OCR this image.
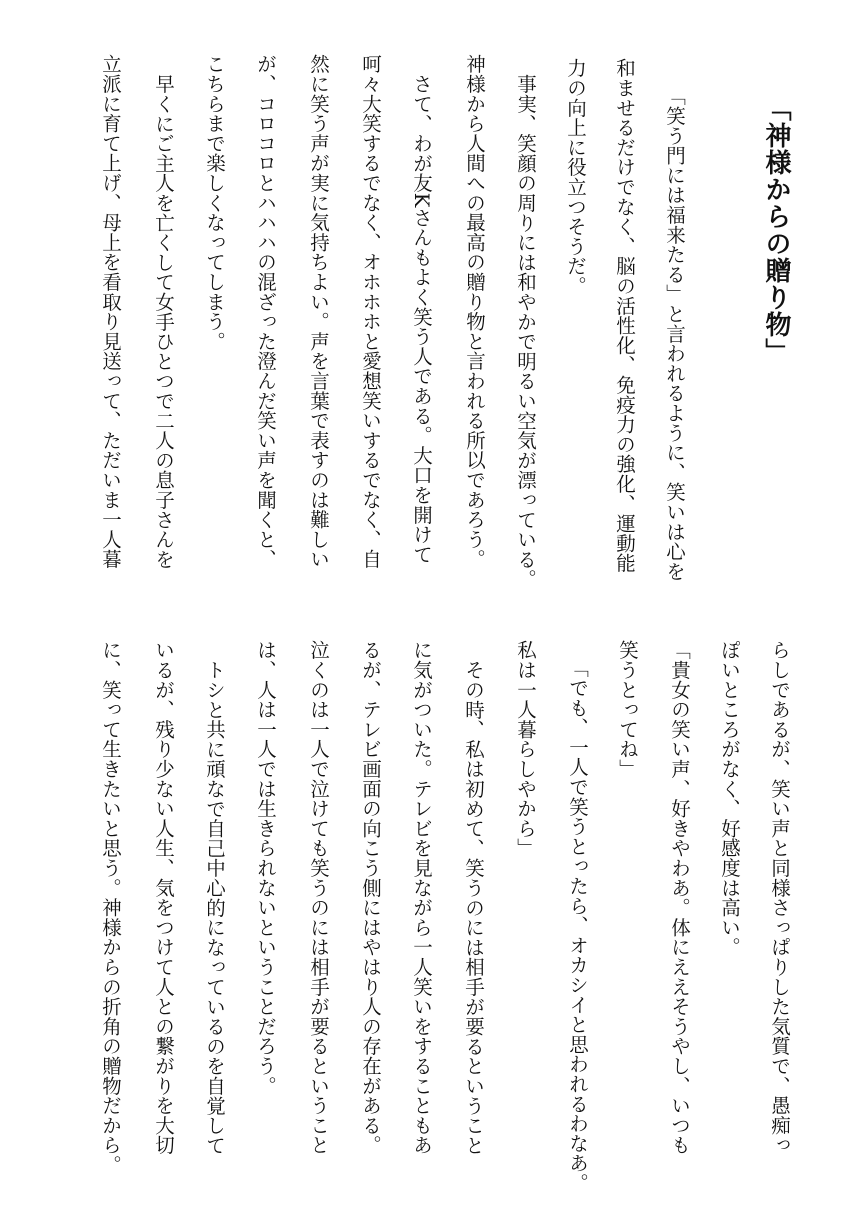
「神様からの贈り物」
「笑う門には福来たる」と言われるように、笑いは心を
和ませるだけでなく、脳の活性化、免疫力の強化、運動能
力の向上に役立つそうだ。
事実、笑顔の周りには和やかで明るい空気が漂っている。
神様から人間への最高の贈り物と言われる所以であろう。
さて、わが友Kさんもよく笑う人である。大口を開けて
呵々大笑するでなく、オホホホと愛想笑いするでなく、自
然に笑う声が実に気持ちよい。声を言葉で表すのは難しい
が、コロコロとハハハの混ざった澄んだ笑い声を聞くと、
こちらまで楽しくなってしまう。
早くにご主人を亡くして女手ひとつで二人の息子さんを
立派に育て上げ、母上を看取り見送って、ただいま一人暮
らしであるが、笑い声と同様さっぱりした気質で、愚痴っ
ぽいところがなく、好感度は高い。
「貴女の笑い声、好きやわあ。体にええそうやし、いつも
笑うとってね」
「でも、一人で笑うとったら、オカシイと思われるわなあ。
私は一人暮らしやから」
その時、私は初めて、笑うのには相手が要るということ
に気がついた。テレビを見ながら一人笑いをすることもあ
るが、テレビ画面の向こう側にはやはり人の存在がある。
泣くのは一人で泣けても笑うのには相手が要るということ
は、人は一人では生きられないということだろう。
トシと共に頑なで自己中心的になっているのを自覚して
いるが、残り少ない人生、気をつけて人との繋がりを大切
に、笑って生きたいと思う。神様からの折角の贈物だから。
